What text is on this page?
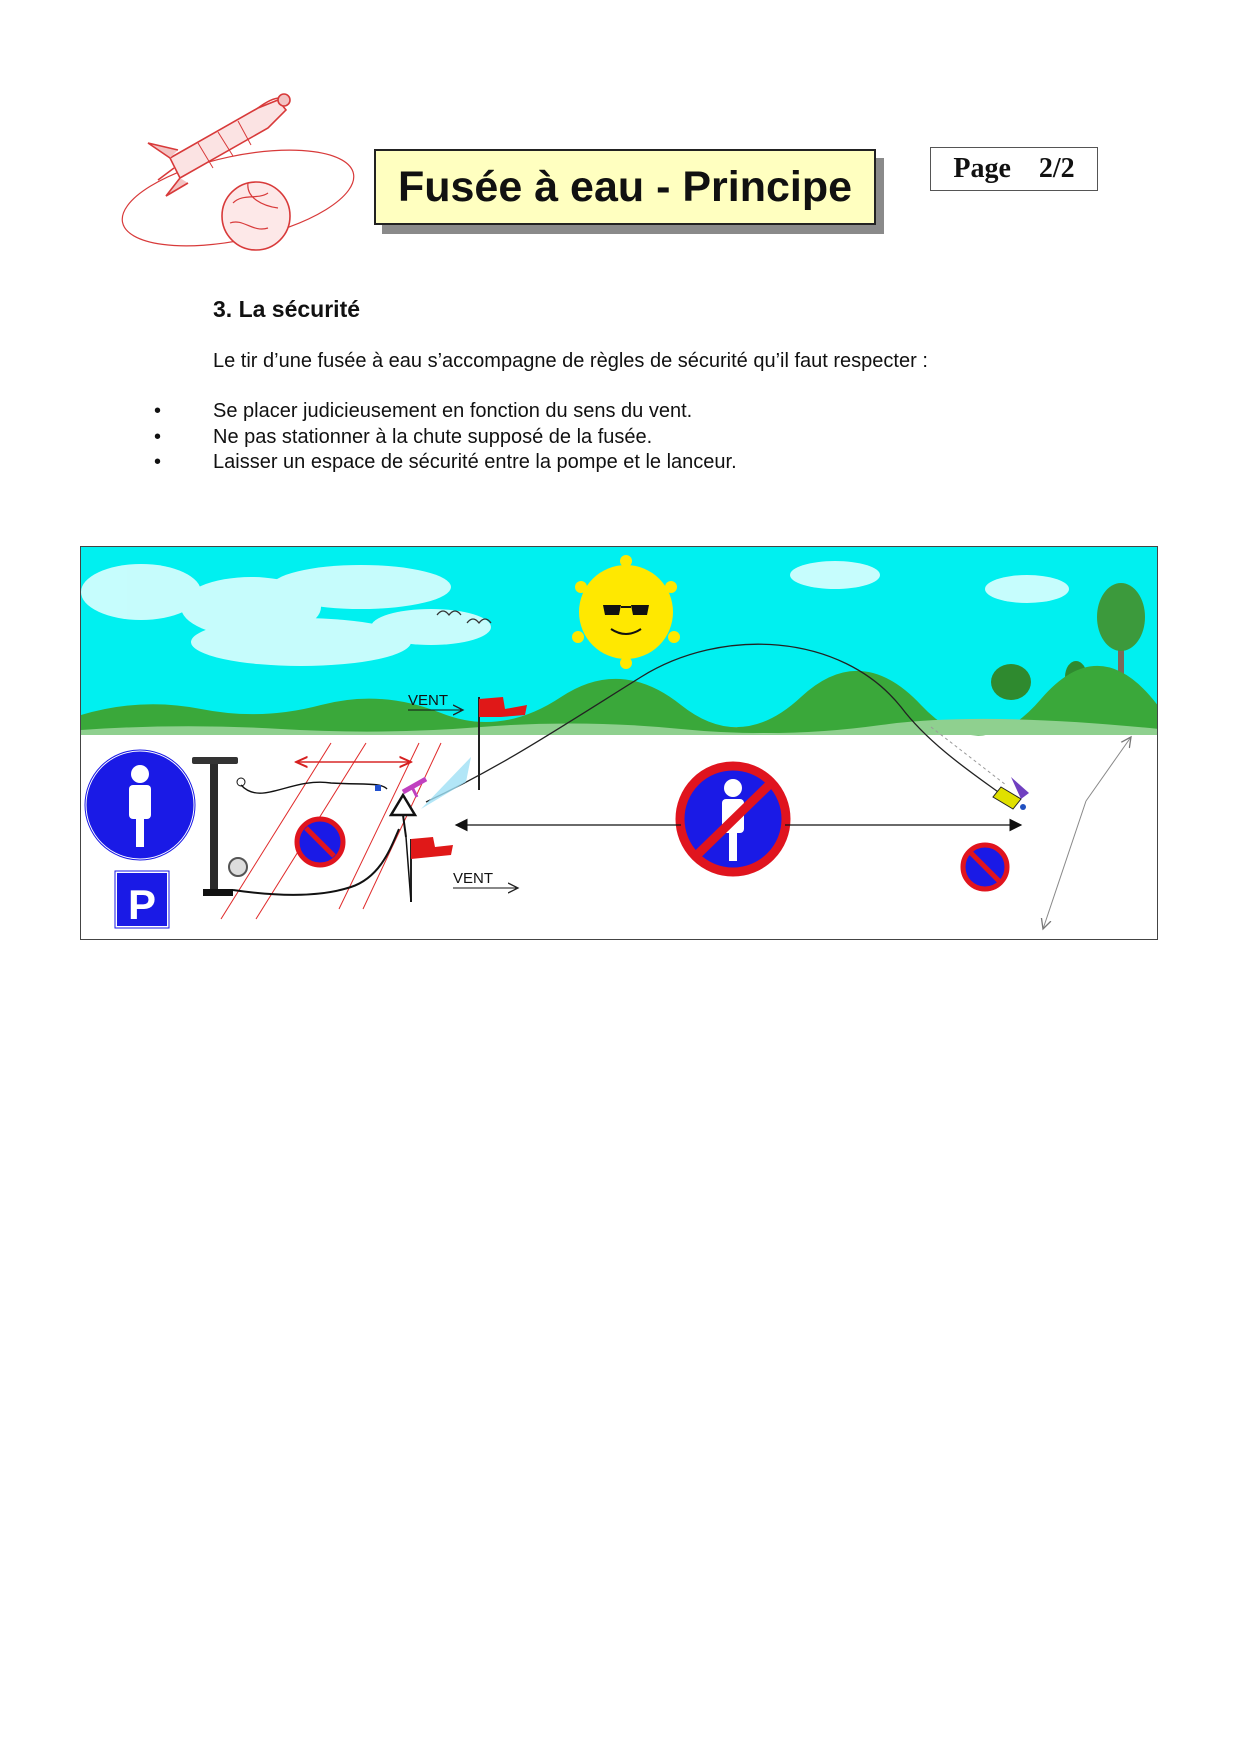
Fusée à eau - Principe	Page 2/2
3. La sécurité

Le tir d’une fusée à eau s’accompagne de règles de sécurité qu’il faut respecter :

•	Se placer judicieusement en fonction du sens du vent.
•	Ne pas stationner à la chute supposé de la fusée.
•	Laisser un espace de sécurité entre la pompe et le lanceur.
VENT
VENT
P
